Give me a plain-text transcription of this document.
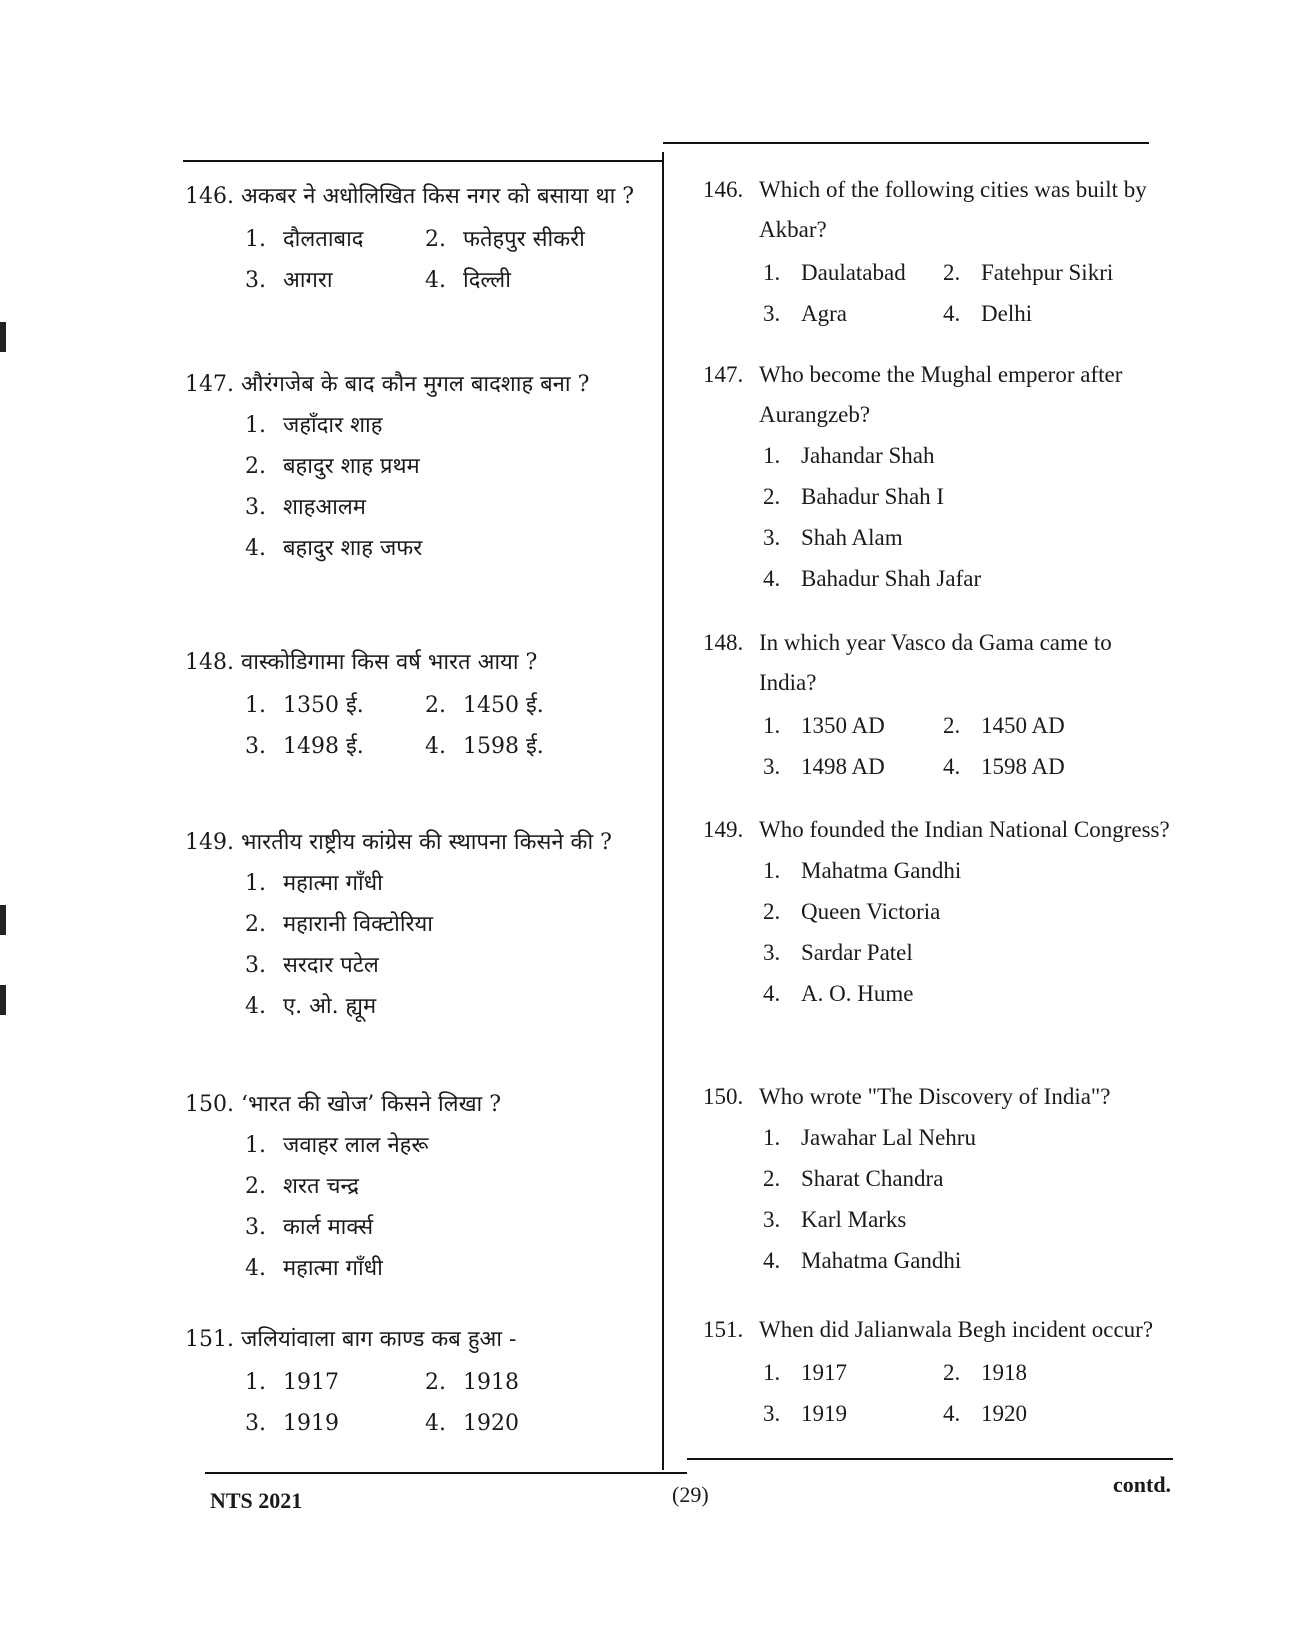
146. अकबर ने अधोलिखित किस नगर को बसाया था ?
1. दौलताबाद	2. फतेहपुर सीकरी
3. आगरा	4. दिल्ली
147. औरंगजेब के बाद कौन मुगल बादशाह बना ?
1. जहाँदार शाह
2. बहादुर शाह प्रथम
3. शाहआलम
4. बहादुर शाह जफर
148. वास्कोडिगामा किस वर्ष भारत आया ?
1. 1350 ई.	2. 1450 ई.
3. 1498 ई.	4. 1598 ई.
149. भारतीय राष्ट्रीय कांग्रेस की स्थापना किसने की ?
1. महात्मा गाँधी
2. महारानी विक्टोरिया
3. सरदार पटेल
4. ए. ओ. ह्यूम
150. ‘भारत की खोज’ किसने लिखा ?
1. जवाहर लाल नेहरू
2. शरत चन्द्र
3. कार्ल मार्क्स
4. महात्मा गाँधी
151. जलियांवाला बाग काण्ड कब हुआ -
1. 1917	2. 1918
3. 1919	4. 1920
146. Which of the following cities was built by Akbar?
1. Daulatabad 2. Fatehpur Sikri
3. Agra	4. Delhi
147. Who become the Mughal emperor after Aurangzeb?
1. Jahandar Shah
2. Bahadur Shah I
3. Shah Alam
4. Bahadur Shah Jafar
148. In which year Vasco da Gama came to India?
1. 1350 AD	2. 1450 AD
3. 1498 AD	4. 1598 AD
149. Who founded the Indian National Congress?
1. Mahatma Gandhi
2. Queen Victoria
3. Sardar Patel
4. A. O. Hume
150. Who wrote "The Discovery of India"?
1. Jawahar Lal Nehru
2. Sharat Chandra
3. Karl Marks
4. Mahatma Gandhi
151. When did Jalianwala Begh incident occur?
1. 1917	2. 1918
3. 1919	4. 1920
NTS 2021	(29)	contd.
